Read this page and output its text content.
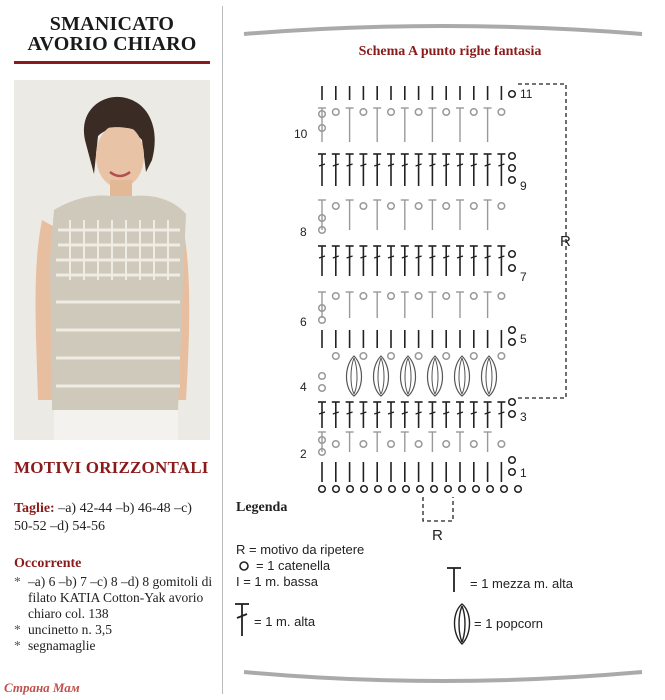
SMANICATO
AVORIO CHIARO
MOTIVI ORIZZONTALI
Taglie: –a) 42-44 –b) 46-48 –c) 50-52 –d) 54-56
Occorrente
* –a) 6 –b) 7 –c) 8 –d) 8 gomitoli di filato KATIA Cotton-Yak avorio chiaro col. 138
* uncinetto n. 3,5
* segnamaglie
Schema A punto righe fantasia
R
R
2
4
6
8
10
1
3
5
7
9
11
Legenda
R = motivo da ripetere
= 1 catenella
I = 1 m. bassa	= 1 mezza m. alta
= 1 m. alta	= 1 popcorn
Страна Мам
